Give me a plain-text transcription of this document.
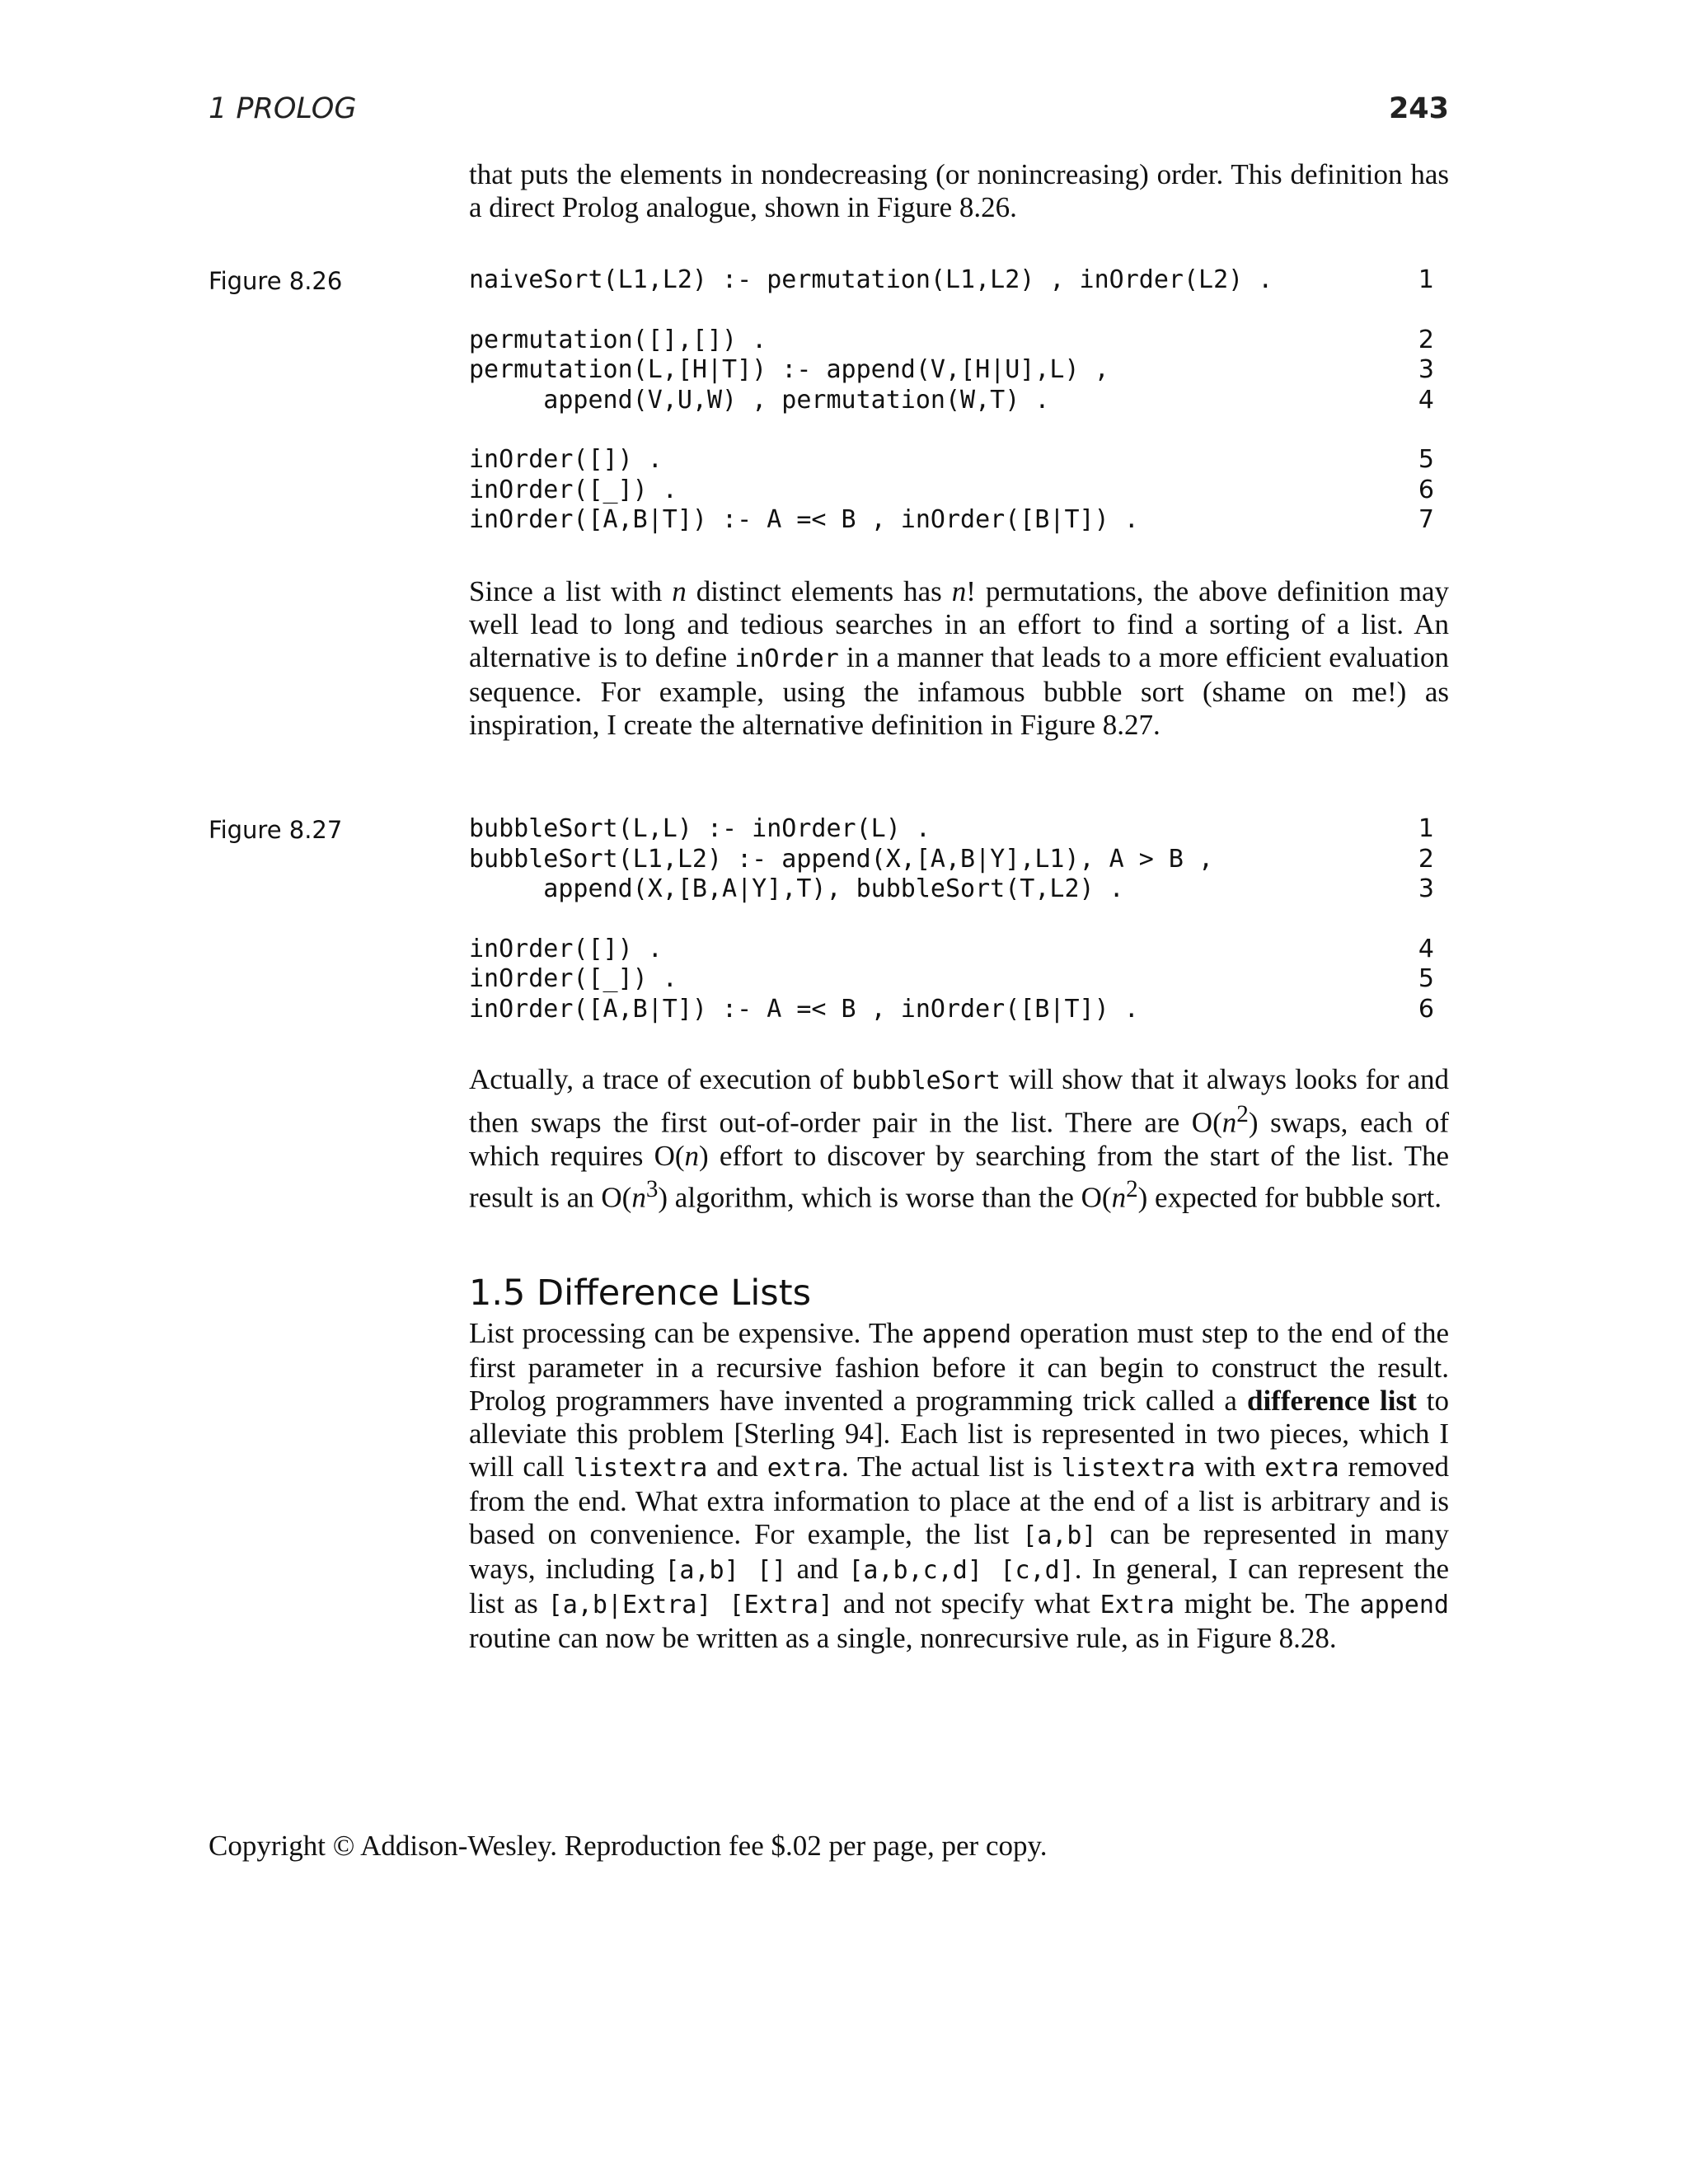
1 PROLOG	243
that puts the elements in nondecreasing (or nonincreasing) order. This definition has a direct Prolog analogue, shown in Figure 8.26.
Figure 8.26	naiveSort(L1,L2) :- permutation(L1,L2) , inOrder(L2) .	1
permutation([],[]) .	2
permutation(L,[H|T]) :- append(V,[H|U],L) ,	3
append(V,U,W) , permutation(W,T) .	4
inOrder([]) .	5
inOrder([_]) .	6
inOrder([A,B|T]) :- A =< B , inOrder([B|T]) .	7
Since a list with n distinct elements has n! permutations, the above definition may well lead to long and tedious searches in an effort to find a sorting of a list. An alternative is to define inOrder in a manner that leads to a more efficient evaluation sequence. For example, using the infamous bubble sort (shame on me!) as inspiration, I create the alternative definition in Figure 8.27.
Figure 8.27	bubbleSort(L,L) :- inOrder(L) .	1
bubbleSort(L1,L2) :- append(X,[A,B|Y],L1), A > B ,	2
append(X,[B,A|Y],T), bubbleSort(T,L2) .	3
inOrder([]) .	4
inOrder([_]) .	5
inOrder([A,B|T]) :- A =< B , inOrder([B|T]) .	6
Actually, a trace of execution of bubbleSort will show that it always looks for and then swaps the first out-of-order pair in the list. There are $O(n^2)$ swaps, each of which requires O(n) effort to discover by searching from the start of the list. The result is an $O(n^3)$ algorithm, which is worse than the $O(n^2)$ expected for bubble sort.
1.5 Difference Lists
List processing can be expensive. The append operation must step to the end of the first parameter in a recursive fashion before it can begin to construct the result. Prolog programmers have invented a programming trick called a difference list to alleviate this problem [Sterling 94]. Each list is represented in two pieces, which I will call listextra and extra. The actual list is listextra with extra removed from the end. What extra information to place at the end of a list is arbitrary and is based on convenience. For example, the list [a,b] can be represented in many ways, including [a,b] [] and [a,b,c,d] [c,d]. In general, I can represent the list as [a,b|Extra] [Extra] and not specify what Extra might be. The append routine can now be written as a single, nonrecursive rule, as in Figure 8.28.
Copyright © Addison-Wesley. Reproduction fee $.02 per page, per copy.
